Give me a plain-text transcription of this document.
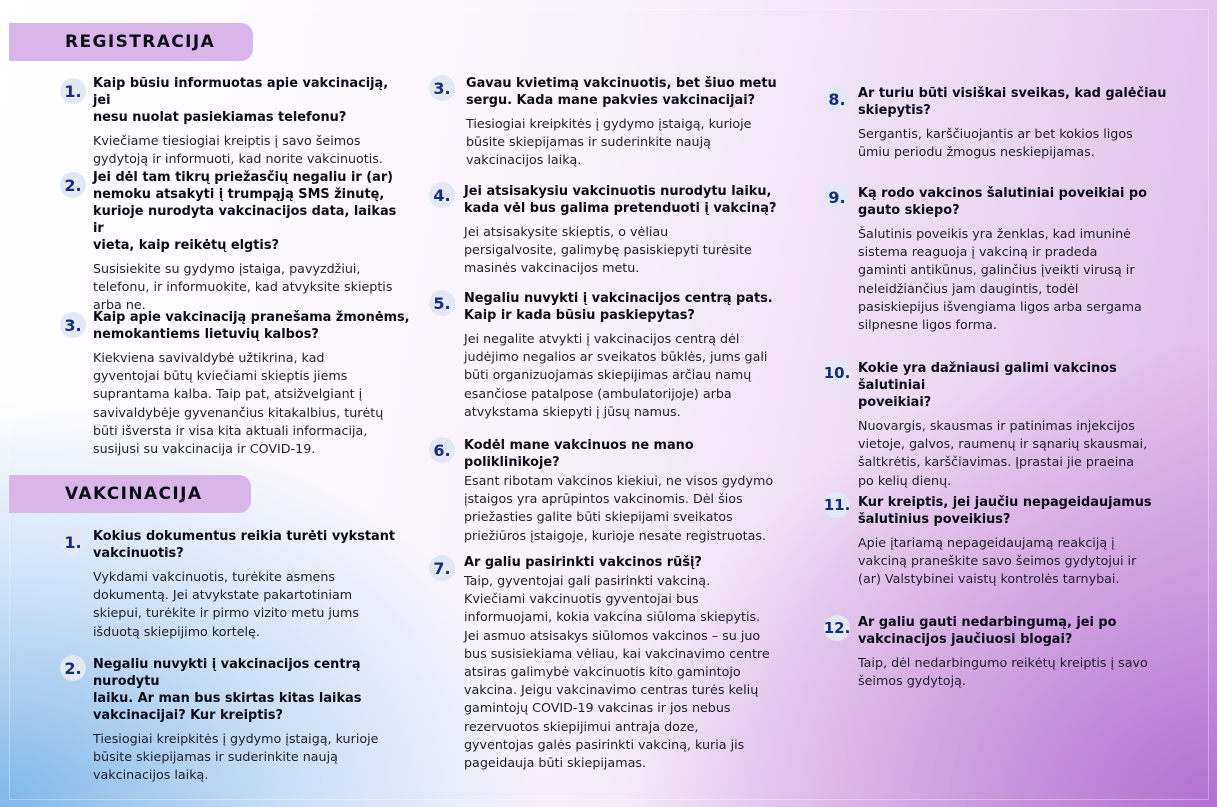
REGISTRACIJA
VAKCINACIJA
1. Kaip būsiu informuotas apie vakcinaciją, jei
nesu nuolat pasiekiamas telefonu?
Kviečiame tiesiogiai kreiptis į savo šeimos
gydytoją ir informuoti, kad norite vakcinuotis.
2. Jei dėl tam tikrų priežasčių negaliu ir (ar)
nemoku atsakyti į trumpąją SMS žinutę,
kurioje nurodyta vakcinacijos data, laikas ir
vieta, kaip reikėtų elgtis?
Susisiekite su gydymo įstaiga, pavyzdžiui,
telefonu, ir informuokite, kad atvyksite skieptis
arba ne.
3. Kaip apie vakcinaciją pranešama žmonėms,
nemokantiems lietuvių kalbos?
Kiekviena savivaldybė užtikrina, kad
gyventojai būtų kviečiami skieptis jiems
suprantama kalba. Taip pat, atsižvelgiant į
savivaldybėje gyvenančius kitakalbius, turėtų
būti išversta ir visa kita aktuali informacija,
susijusi su vakcinacija ir COVID-19.
1. Kokius dokumentus reikia turėti vykstant
vakcinuotis?
Vykdami vakcinuotis, turėkite asmens
dokumentą. Jei atvykstate pakartotiniam
skiepui, turėkite ir pirmo vizito metu jums
išduotą skiepijimo kortelę.
2. Negaliu nuvykti į vakcinacijos centrą nurodytu
laiku. Ar man bus skirtas kitas laikas
vakcinacijai? Kur kreiptis?
Tiesiogiai kreipkitės į gydymo įstaigą, kurioje
būsite skiepijamas ir suderinkite naują
vakcinacijos laiką.
3.	Gavau kvietimą vakcinuotis, bet šiuo metu
sergu. Kada mane pakvies vakcinacijai?
Tiesiogiai kreipkitės į gydymo įstaigą, kurioje
būsite skiepijamas ir suderinkite naują
vakcinacijos laiką.
4.	Jei atsisakysiu vakcinuotis nurodytu laiku,
kada vėl bus galima pretenduoti į vakciną?
Jei atsisakysite skieptis, o vėliau
persigalvosite, galimybę pasiskiepyti turėsite
masinės vakcinacijos metu.
5.	Negaliu nuvykti į vakcinacijos centrą pats.
Kaip ir kada būsiu paskiepytas?
Jei negalite atvykti į vakcinacijos centrą dėl
judėjimo negalios ar sveikatos būklės, jums gali
būti organizuojamas skiepijimas arčiau namų
esančiose patalpose (ambulatorijoje) arba
atvykstama skiepyti į jūsų namus.
6.	Kodėl mane vakcinuos ne mano poliklinikoje?
Esant ribotam vakcinos kiekiui, ne visos gydymo
įstaigos yra aprūpintos vakcinomis. Dėl šios
priežasties galite būti skiepijami sveikatos
priežiūros įstaigoje, kurioje nesate registruotas.
7.	Ar galiu pasirinkti vakcinos rūšį?
Taip, gyventojai gali pasirinkti vakciną.
Kviečiami vakcinuotis gyventojai bus
informuojami, kokia vakcina siūloma skiepytis.
Jei asmuo atsisakys siūlomos vakcinos – su juo
bus susisiekiama vėliau, kai vakcinavimo centre
atsiras galimybė vakcinuotis kito gamintojo
vakcina. Jeigu vakcinavimo centras turės kelių
gamintojų COVID-19 vakcinas ir jos nebus
rezervuotos skiepijimui antraja doze,
gyventojas galės pasirinkti vakciną, kuria jis
pageidauja būti skiepijamas.
8. Ar turiu būti visiškai sveikas, kad galėčiau
skiepytis?
Sergantis, karščiuojantis ar bet kokios ligos
ūmiu periodu žmogus neskiepijamas.
9. Ką rodo vakcinos šalutiniai poveikiai po
gauto skiepo?
Šalutinis poveikis yra ženklas, kad imuninė
sistema reaguoja į vakciną ir pradeda
gaminti antikūnus, galinčius įveikti virusą ir
neleidžiančius jam daugintis, todėl
pasiskiepijus išvengiama ligos arba sergama
silpnesne ligos forma.
10. Kokie yra dažniausi galimi vakcinos šalutiniai
poveikiai?
Nuovargis, skausmas ir patinimas injekcijos
vietoje, galvos, raumenų ir sąnarių skausmai,
šaltkrėtis, karščiavimas. Įprastai jie praeina
po kelių dienų.
11. Kur kreiptis, jei jaučiu nepageidaujamus
šalutinius poveikius?
Apie įtariamą nepageidaujamą reakciją į
vakciną praneškite savo šeimos gydytojui ir
(ar) Valstybinei vaistų kontrolės tarnybai.
12. Ar galiu gauti nedarbingumą, jei po
vakcinacijos jaučiuosi blogai?
Taip, dėl nedarbingumo reikėtų kreiptis į savo
šeimos gydytoją.
